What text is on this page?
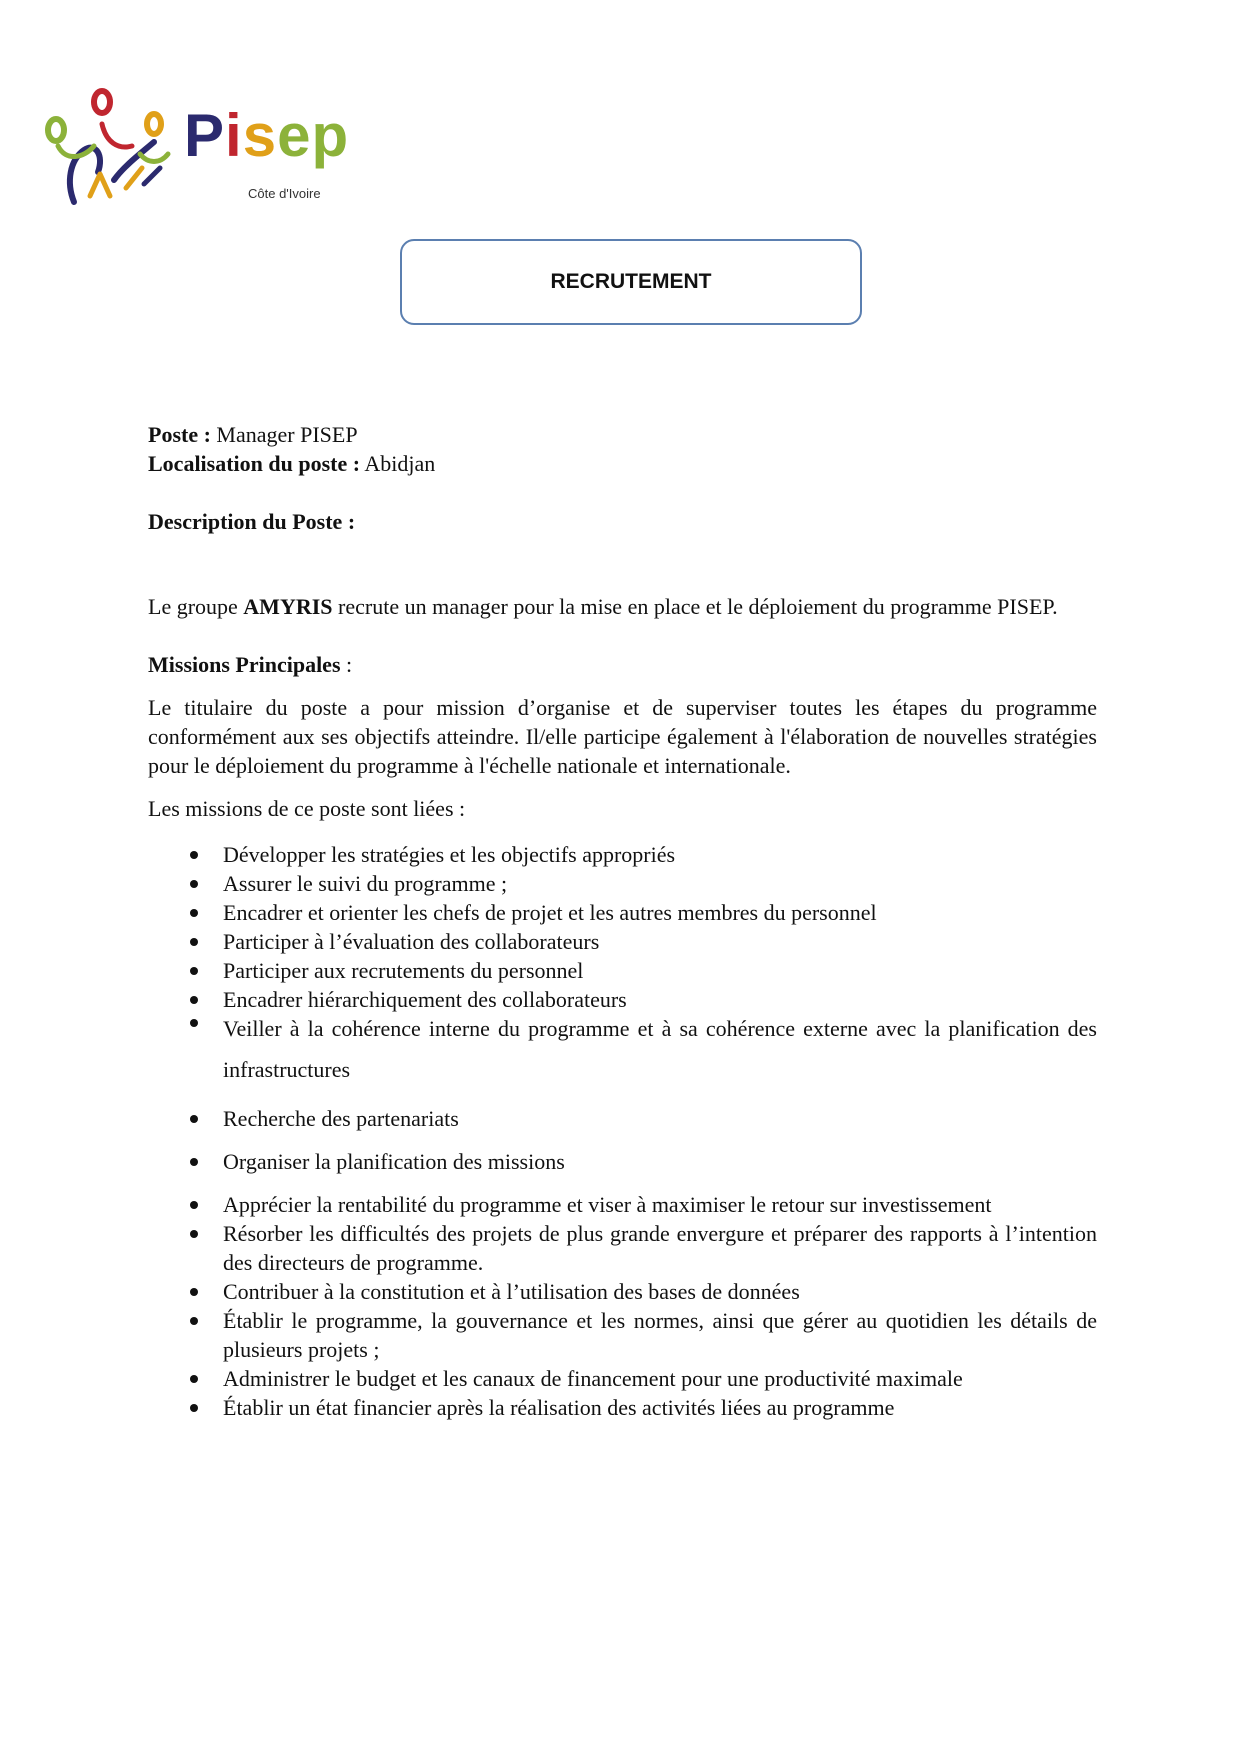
Pisep
Côte d'Ivoire
RECRUTEMENT

Poste : Manager PISEP

Localisation du poste : Abidjan

Description du Poste :

Le groupe AMYRIS recrute un manager pour la mise en place et le déploiement du programme PISEP.

Missions Principales :

Le titulaire du poste a pour mission d’organise et de superviser toutes les étapes du programme conformément aux ses objectifs atteindre. Il/elle participe également à l'élaboration de nouvelles stratégies pour le déploiement du programme à l'échelle nationale et internationale.

Les missions de ce poste sont liées :

Développer les stratégies et les objectifs appropriés
Assurer le suivi du programme ;
Encadrer et orienter les chefs de projet et les autres membres du personnel
Participer à l’évaluation des collaborateurs
Participer aux recrutements du personnel
Encadrer hiérarchiquement des collaborateurs
Veiller à la cohérence interne du programme et à sa cohérence externe avec la planification des infrastructures
Recherche des partenariats
Organiser la planification des missions
Apprécier la rentabilité du programme et viser à maximiser le retour sur investissement
Résorber les difficultés des projets de plus grande envergure et préparer des rapports à l’intention des directeurs de programme.
Contribuer à la constitution et à l’utilisation des bases de données
Établir le programme, la gouvernance et les normes, ainsi que gérer au quotidien les détails de plusieurs projets ;
Administrer le budget et les canaux de financement pour une productivité maximale
Établir un état financier après la réalisation des activités liées au programme
